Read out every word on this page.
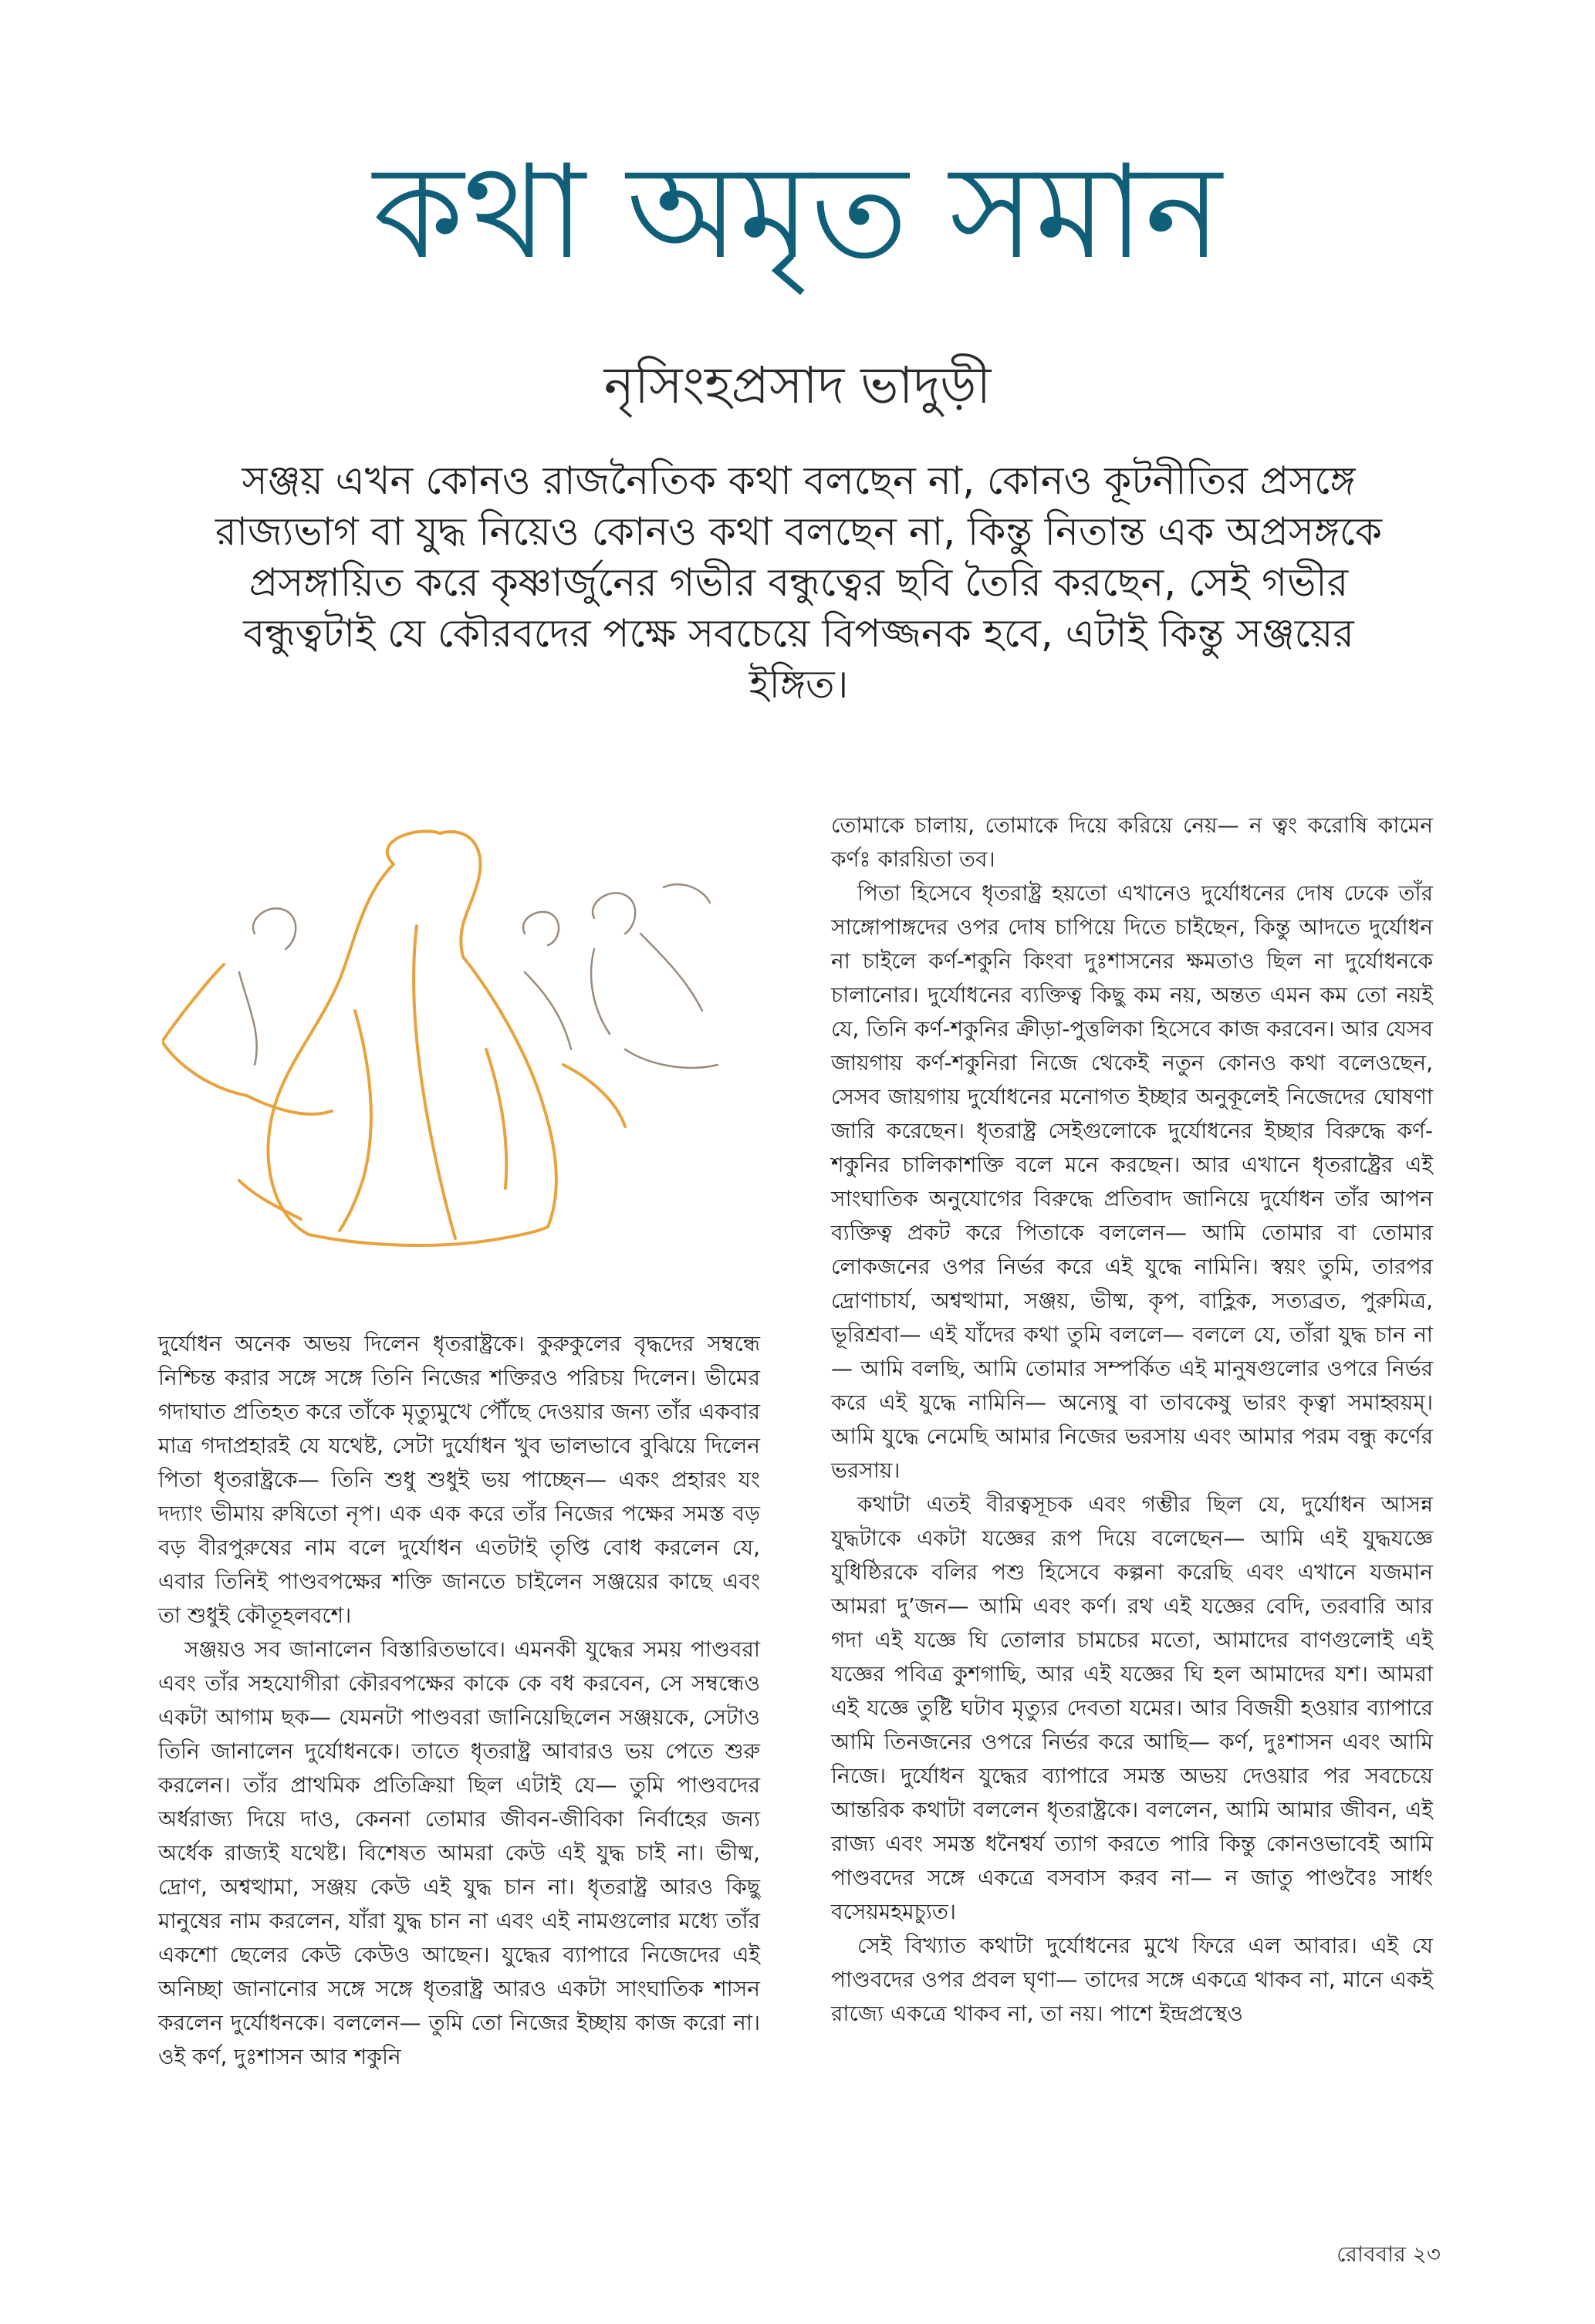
কথা অমৃত সমান
নৃসিংহপ্রসাদ ভাদুড়ী
সঞ্জয় এখন কোনও রাজনৈতিক কথা বলছেন না, কোনও কূটনীতির প্রসঙ্গে রাজ্যভাগ বা যুদ্ধ নিয়েও কোনও কথা বলছেন না, কিন্তু নিতান্ত এক অপ্রসঙ্গকে প্রসঙ্গায়িত করে কৃষ্ণার্জুনের গভীর বন্ধুত্বের ছবি তৈরি করছেন, সেই গভীর বন্ধুত্বটাই যে কৌরবদের পক্ষে সবচেয়ে বিপজ্জনক হবে, এটাই কিন্তু সঞ্জয়ের ইঙ্গিত।

দুর্যোধন অনেক অভয় দিলেন ধৃতরাষ্ট্রকে। কুরুকুলের বৃদ্ধদের সম্বন্ধে নিশ্চিন্ত করার সঙ্গে সঙ্গে তিনি নিজের শক্তিরও পরিচয় দিলেন। ভীমের গদাঘাত প্রতিহত করে তাঁকে মৃত্যুমুখে পৌঁছে দেওয়ার জন্য তাঁর একবার মাত্র গদাপ্রহারই যে যথেষ্ট, সেটা দুর্যোধন খুব ভালভাবে বুঝিয়ে দিলেন পিতা ধৃতরাষ্ট্রকে— তিনি শুধু শুধুই ভয় পাচ্ছেন— একং প্রহারং যং দদ্যাং ভীমায় রুষিতো নৃপ। এক এক করে তাঁর নিজের পক্ষের সমস্ত বড় বড় বীরপুরুষের নাম বলে দুর্যোধন এতটাই তৃপ্তি বোধ করলেন যে, এবার তিনিই পাণ্ডবপক্ষের শক্তি জানতে চাইলেন সঞ্জয়ের কাছে এবং তা শুধুই কৌতূহলবশে।

সঞ্জয়ও সব জানালেন বিস্তারিতভাবে। এমনকী যুদ্ধের সময় পাণ্ডবরা এবং তাঁর সহযোগীরা কৌরবপক্ষের কাকে কে বধ করবেন, সে সম্বন্ধেও একটা আগাম ছক— যেমনটা পাণ্ডবরা জানিয়েছিলেন সঞ্জয়কে, সেটাও তিনি জানালেন দুর্যোধনকে। তাতে ধৃতরাষ্ট্র আবারও ভয় পেতে শুরু করলেন। তাঁর প্রাথমিক প্রতিক্রিয়া ছিল এটাই যে— তুমি পাণ্ডবদের অর্ধরাজ্য দিয়ে দাও, কেননা তোমার জীবন-জীবিকা নির্বাহের জন্য অর্ধেক রাজ্যই যথেষ্ট। বিশেষত আমরা কেউ এই যুদ্ধ চাই না। ভীষ্ম, দ্রোণ, অশ্বত্থামা, সঞ্জয় কেউ এই যুদ্ধ চান না। ধৃতরাষ্ট্র আরও কিছু মানুষের নাম করলেন, যাঁরা যুদ্ধ চান না এবং এই নামগুলোর মধ্যে তাঁর একশো ছেলের কেউ কেউও আছেন। যুদ্ধের ব্যাপারে নিজেদের এই অনিচ্ছা জানানোর সঙ্গে সঙ্গে ধৃতরাষ্ট্র আরও একটা সাংঘাতিক শাসন করলেন দুর্যোধনকে। বললেন— তুমি তো নিজের ইচ্ছায় কাজ করো না। ওই কর্ণ, দুঃশাসন আর শকুনি

তোমাকে চালায়, তোমাকে দিয়ে করিয়ে নেয়— ন ত্বং করোষি কামেন কর্ণঃ কারয়িতা তব।

পিতা হিসেবে ধৃতরাষ্ট্র হয়তো এখানেও দুর্যোধনের দোষ ঢেকে তাঁর সাঙ্গোপাঙ্গদের ওপর দোষ চাপিয়ে দিতে চাইছেন, কিন্তু আদতে দুর্যোধন না চাইলে কর্ণ-শকুনি কিংবা দুঃশাসনের ক্ষমতাও ছিল না দুর্যোধনকে চালানোর। দুর্যোধনের ব্যক্তিত্ব কিছু কম নয়, অন্তত এমন কম তো নয়ই যে, তিনি কর্ণ-শকুনির ক্রীড়া-পুত্তলিকা হিসেবে কাজ করবেন। আর যেসব জায়গায় কর্ণ-শকুনিরা নিজে থেকেই নতুন কোনও কথা বলেওছেন, সেসব জায়গায় দুর্যোধনের মনোগত ইচ্ছার অনুকূলেই নিজেদের ঘোষণা জারি করেছেন। ধৃতরাষ্ট্র সেইগুলোকে দুর্যোধনের ইচ্ছার বিরুদ্ধে কর্ণ-শকুনির চালিকাশক্তি বলে মনে করছেন। আর এখানে ধৃতরাষ্ট্রের এই সাংঘাতিক অনুযোগের বিরুদ্ধে প্রতিবাদ জানিয়ে দুর্যোধন তাঁর আপন ব্যক্তিত্ব প্রকট করে পিতাকে বললেন— আমি তোমার বা তোমার লোকজনের ওপর নির্ভর করে এই যুদ্ধে নামিনি। স্বয়ং তুমি, তারপর দ্রোণাচার্য, অশ্বত্থামা, সঞ্জয়, ভীষ্ম, কৃপ, বাহ্লিক, সত্যব্রত, পুরুমিত্র, ভূরিশ্রবা— এই যাঁদের কথা তুমি বললে— বললে যে, তাঁরা যুদ্ধ চান না— আমি বলছি, আমি তোমার সম্পর্কিত এই মানুষগুলোর ওপরে নির্ভর করে এই যুদ্ধে নামিনি— অন্যেষু বা তাবকেষু ভারং কৃত্বা সমাহ্বয়ম্। আমি যুদ্ধে নেমেছি আমার নিজের ভরসায় এবং আমার পরম বন্ধু কর্ণের ভরসায়।

কথাটা এতই বীরত্বসূচক এবং গম্ভীর ছিল যে, দুর্যোধন আসন্ন যুদ্ধটাকে একটা যজ্ঞের রূপ দিয়ে বলেছেন— আমি এই যুদ্ধযজ্ঞে যুধিষ্ঠিরকে বলির পশু হিসেবে কল্পনা করেছি এবং এখানে যজমান আমরা দু’জন— আমি এবং কর্ণ। রথ এই যজ্ঞের বেদি, তরবারি আর গদা এই যজ্ঞে ঘি তোলার চামচের মতো, আমাদের বাণগুলোই এই যজ্ঞের পবিত্র কুশগাছি, আর এই যজ্ঞের ঘি হল আমাদের যশ। আমরা এই যজ্ঞে তুষ্টি ঘটাব মৃত্যুর দেবতা যমের। আর বিজয়ী হওয়ার ব্যাপারে আমি তিনজনের ওপরে নির্ভর করে আছি— কর্ণ, দুঃশাসন এবং আমি নিজে। দুর্যোধন যুদ্ধের ব্যাপারে সমস্ত অভয় দেওয়ার পর সবচেয়ে আন্তরিক কথাটা বললেন ধৃতরাষ্ট্রকে। বললেন, আমি আমার জীবন, এই রাজ্য এবং সমস্ত ধনৈশ্বর্য ত্যাগ করতে পারি কিন্তু কোনওভাবেই আমি পাণ্ডবদের সঙ্গে একত্রে বসবাস করব না— ন জাতু পাণ্ডবৈঃ সার্ধং বসেয়মহমচ্যুত।

সেই বিখ্যাত কথাটা দুর্যোধনের মুখে ফিরে এল আবার। এই যে পাণ্ডবদের ওপর প্রবল ঘৃণা— তাদের সঙ্গে একত্রে থাকব না, মানে একই রাজ্যে একত্রে থাকব না, তা নয়। পাশে ইন্দ্রপ্রস্থেও

রোববার ২৩
